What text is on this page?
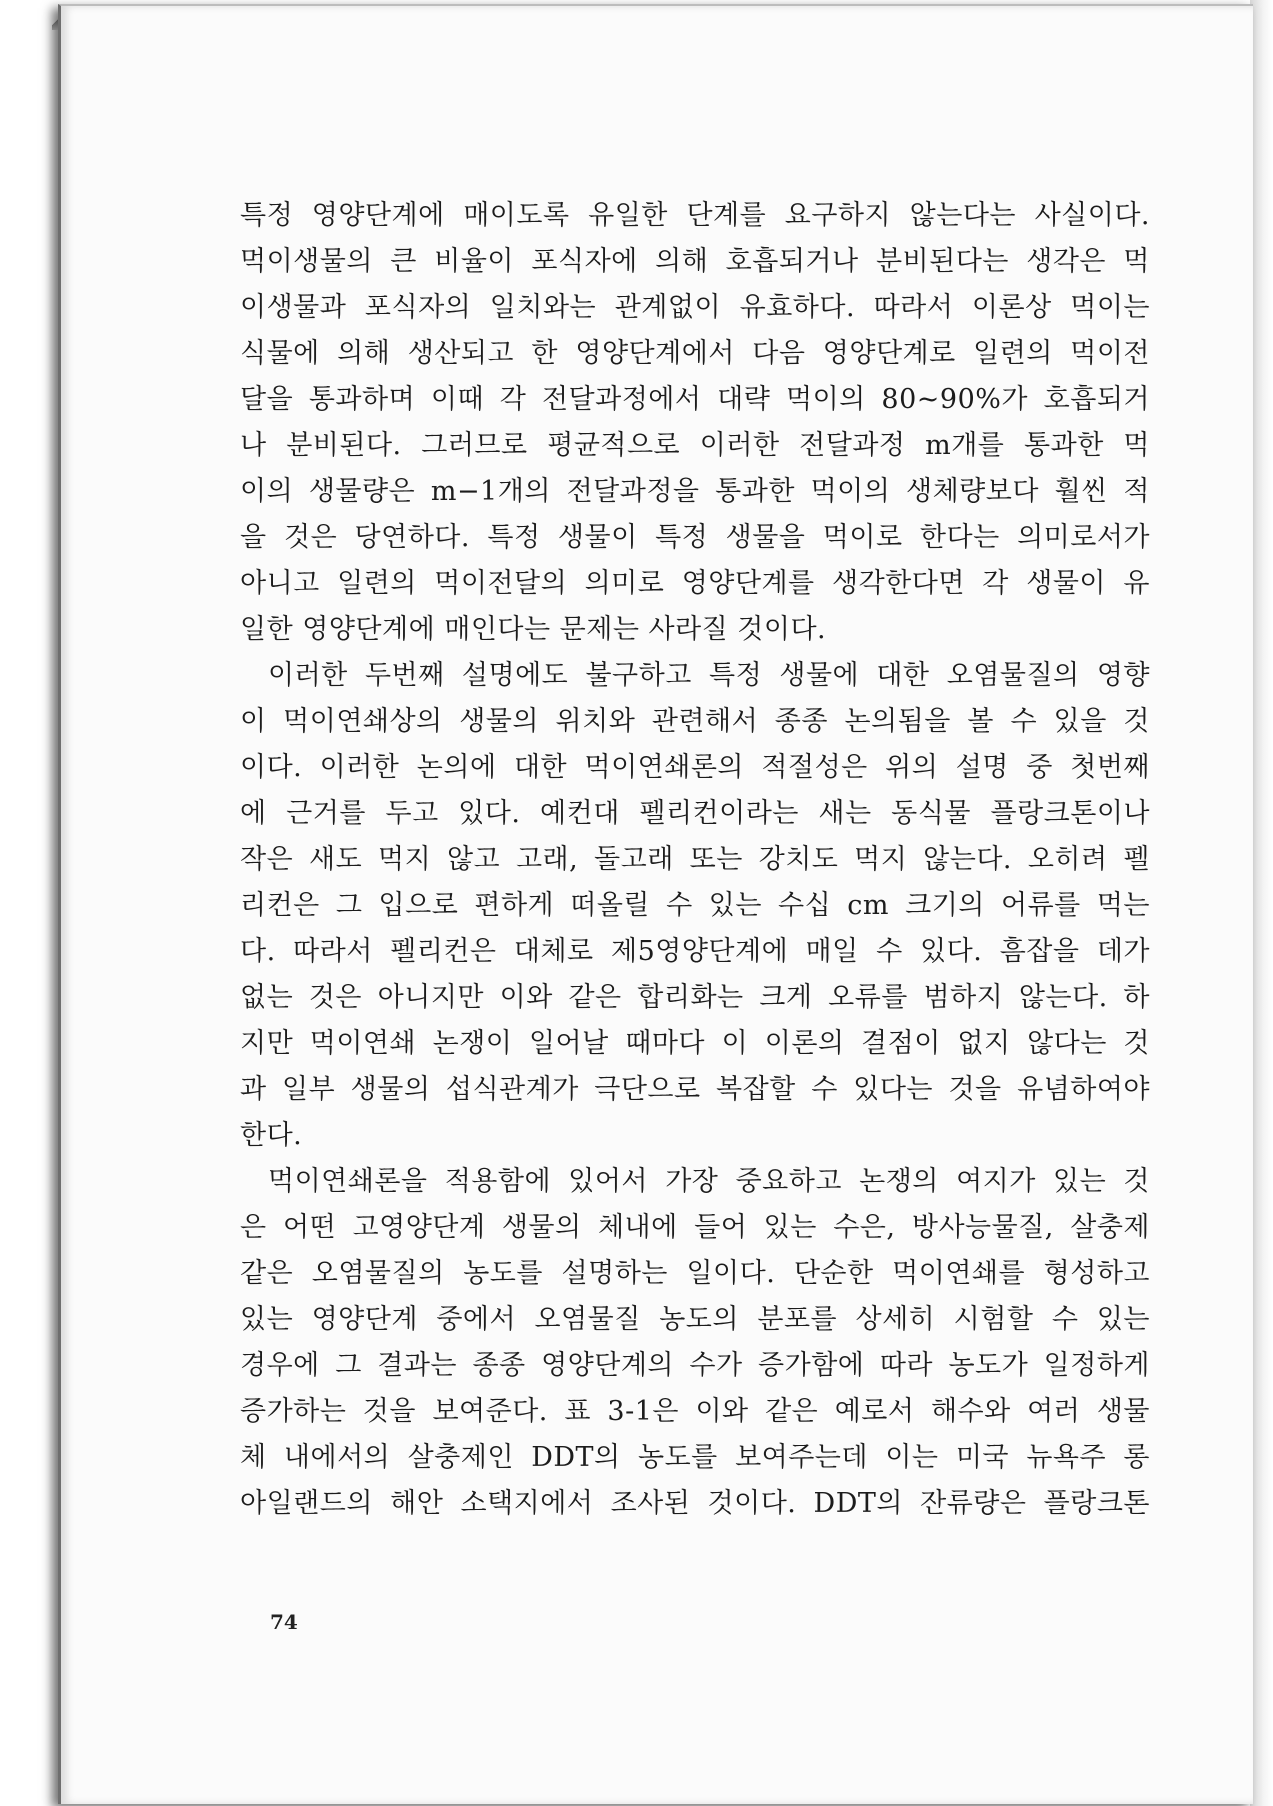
특정 영양단계에 매이도록 유일한 단계를 요구하지 않는다는 사실이다.
먹이생물의 큰 비율이 포식자에 의해 호흡되거나 분비된다는 생각은 먹
이생물과 포식자의 일치와는 관계없이 유효하다. 따라서 이론상 먹이는
식물에 의해 생산되고 한 영양단계에서 다음 영양단계로 일련의 먹이전
달을 통과하며 이때 각 전달과정에서 대략 먹이의 80~90%가 호흡되거
나 분비된다. 그러므로 평균적으로 이러한 전달과정 m개를 통과한 먹
이의 생물량은 m−1개의 전달과정을 통과한 먹이의 생체량보다 훨씬 적
을 것은 당연하다. 특정 생물이 특정 생물을 먹이로 한다는 의미로서가
아니고 일련의 먹이전달의 의미로 영양단계를 생각한다면 각 생물이 유
일한 영양단계에 매인다는 문제는 사라질 것이다.
이러한 두번째 설명에도 불구하고 특정 생물에 대한 오염물질의 영향
이 먹이연쇄상의 생물의 위치와 관련해서 종종 논의됨을 볼 수 있을 것
이다. 이러한 논의에 대한 먹이연쇄론의 적절성은 위의 설명 중 첫번째
에 근거를 두고 있다. 예컨대 펠리컨이라는 새는 동식물 플랑크톤이나
작은 새도 먹지 않고 고래, 돌고래 또는 강치도 먹지 않는다. 오히려 펠
리컨은 그 입으로 편하게 떠올릴 수 있는 수십 cm 크기의 어류를 먹는
다. 따라서 펠리컨은 대체로 제5영양단계에 매일 수 있다. 흠잡을 데가
없는 것은 아니지만 이와 같은 합리화는 크게 오류를 범하지 않는다. 하
지만 먹이연쇄 논쟁이 일어날 때마다 이 이론의 결점이 없지 않다는 것
과 일부 생물의 섭식관계가 극단으로 복잡할 수 있다는 것을 유념하여야
한다.
먹이연쇄론을 적용함에 있어서 가장 중요하고 논쟁의 여지가 있는 것
은 어떤 고영양단계 생물의 체내에 들어 있는 수은, 방사능물질, 살충제
같은 오염물질의 농도를 설명하는 일이다. 단순한 먹이연쇄를 형성하고
있는 영양단계 중에서 오염물질 농도의 분포를 상세히 시험할 수 있는
경우에 그 결과는 종종 영양단계의 수가 증가함에 따라 농도가 일정하게
증가하는 것을 보여준다. 표 3-1은 이와 같은 예로서 해수와 여러 생물
체 내에서의 살충제인 DDT의 농도를 보여주는데 이는 미국 뉴욕주 롱
아일랜드의 해안 소택지에서 조사된 것이다. DDT의 잔류량은 플랑크톤
74
